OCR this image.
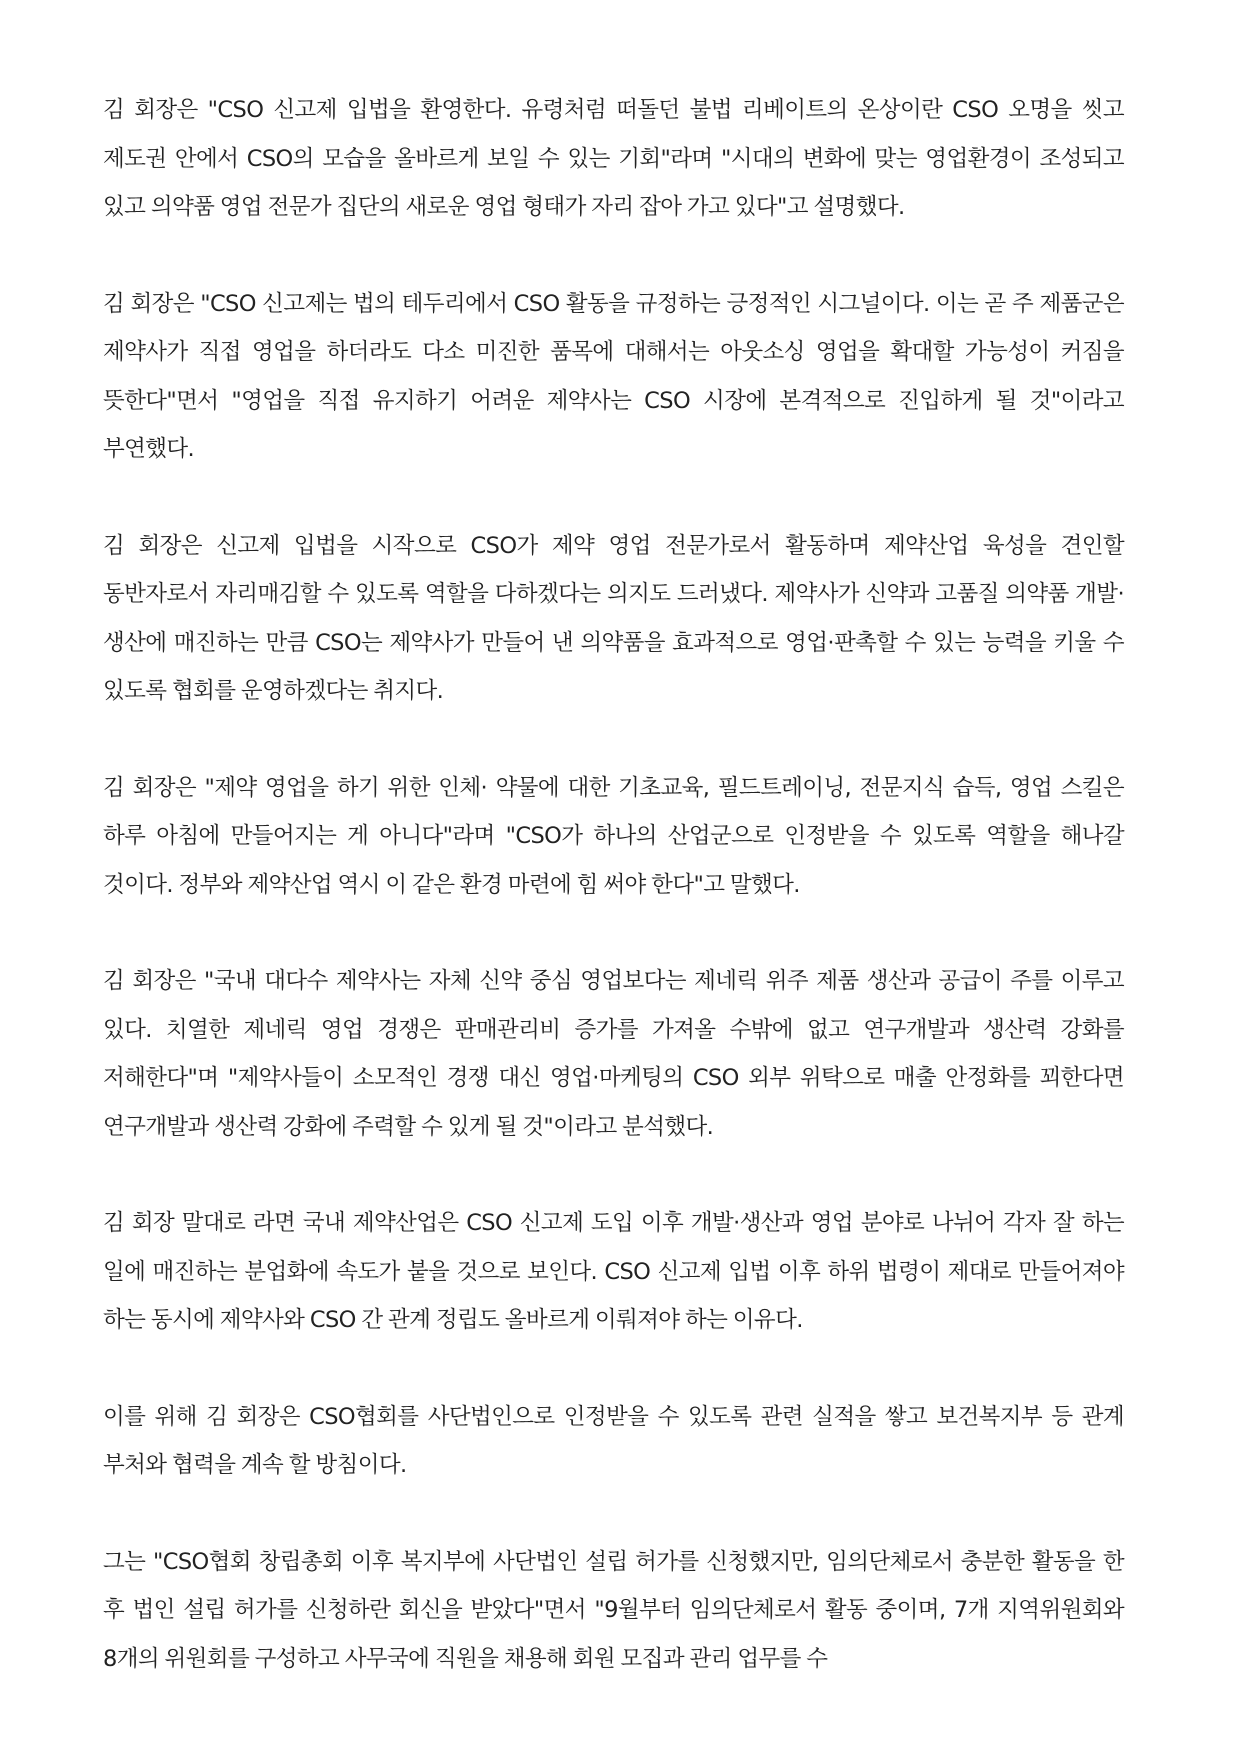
김 회장은 "CSO 신고제 입법을 환영한다. 유령처럼 떠돌던 불법 리베이트의 온상이란 CSO 오명을 씻고 제도권 안에서 CSO의 모습을 올바르게 보일 수 있는 기회"라며 "시대의 변화에 맞는 영업환경이 조성되고 있고 의약품 영업 전문가 집단의 새로운 영업 형태가 자리 잡아 가고 있다"고 설명했다.

김 회장은 "CSO 신고제는 법의 테두리에서 CSO 활동을 규정하는 긍정적인 시그널이다. 이는 곧 주 제품군은 제약사가 직접 영업을 하더라도 다소 미진한 품목에 대해서는 아웃소싱 영업을 확대할 가능성이 커짐을 뜻한다"면서 "영업을 직접 유지하기 어려운 제약사는 CSO 시장에 본격적으로 진입하게 될 것"이라고 부연했다.

김 회장은 신고제 입법을 시작으로 CSO가 제약 영업 전문가로서 활동하며 제약산업 육성을 견인할 동반자로서 자리매김할 수 있도록 역할을 다하겠다는 의지도 드러냈다. 제약사가 신약과 고품질 의약품 개발·생산에 매진하는 만큼 CSO는 제약사가 만들어 낸 의약품을 효과적으로 영업·판촉할 수 있는 능력을 키울 수 있도록 협회를 운영하겠다는 취지다.

김 회장은 "제약 영업을 하기 위한 인체· 약물에 대한 기초교육, 필드트레이닝, 전문지식 습득, 영업 스킬은 하루 아침에 만들어지는 게 아니다"라며 "CSO가 하나의 산업군으로 인정받을 수 있도록 역할을 해나갈 것이다. 정부와 제약산업 역시 이 같은 환경 마련에 힘 써야 한다"고 말했다.

김 회장은 "국내 대다수 제약사는 자체 신약 중심 영업보다는 제네릭 위주 제품 생산과 공급이 주를 이루고 있다. 치열한 제네릭 영업 경쟁은 판매관리비 증가를 가져올 수밖에 없고 연구개발과 생산력 강화를 저해한다"며 "제약사들이 소모적인 경쟁 대신 영업·마케팅의 CSO 외부 위탁으로 매출 안정화를 꾀한다면 연구개발과 생산력 강화에 주력할 수 있게 될 것"이라고 분석했다.

김 회장 말대로 라면 국내 제약산업은 CSO 신고제 도입 이후 개발·생산과 영업 분야로 나뉘어 각자 잘 하는 일에 매진하는 분업화에 속도가 붙을 것으로 보인다. CSO 신고제 입법 이후 하위 법령이 제대로 만들어져야 하는 동시에 제약사와 CSO 간 관계 정립도 올바르게 이뤄져야 하는 이유다.

이를 위해 김 회장은 CSO협회를 사단법인으로 인정받을 수 있도록 관련 실적을 쌓고 보건복지부 등 관계 부처와 협력을 계속 할 방침이다.

그는 "CSO협회 창립총회 이후 복지부에 사단법인 설립 허가를 신청했지만, 임의단체로서 충분한 활동을 한 후 법인 설립 허가를 신청하란 회신을 받았다"면서 "9월부터 임의단체로서 활동 중이며, 7개 지역위원회와 8개의 위원회를 구성하고 사무국에 직원을 채용해 회원 모집과 관리 업무를 수
